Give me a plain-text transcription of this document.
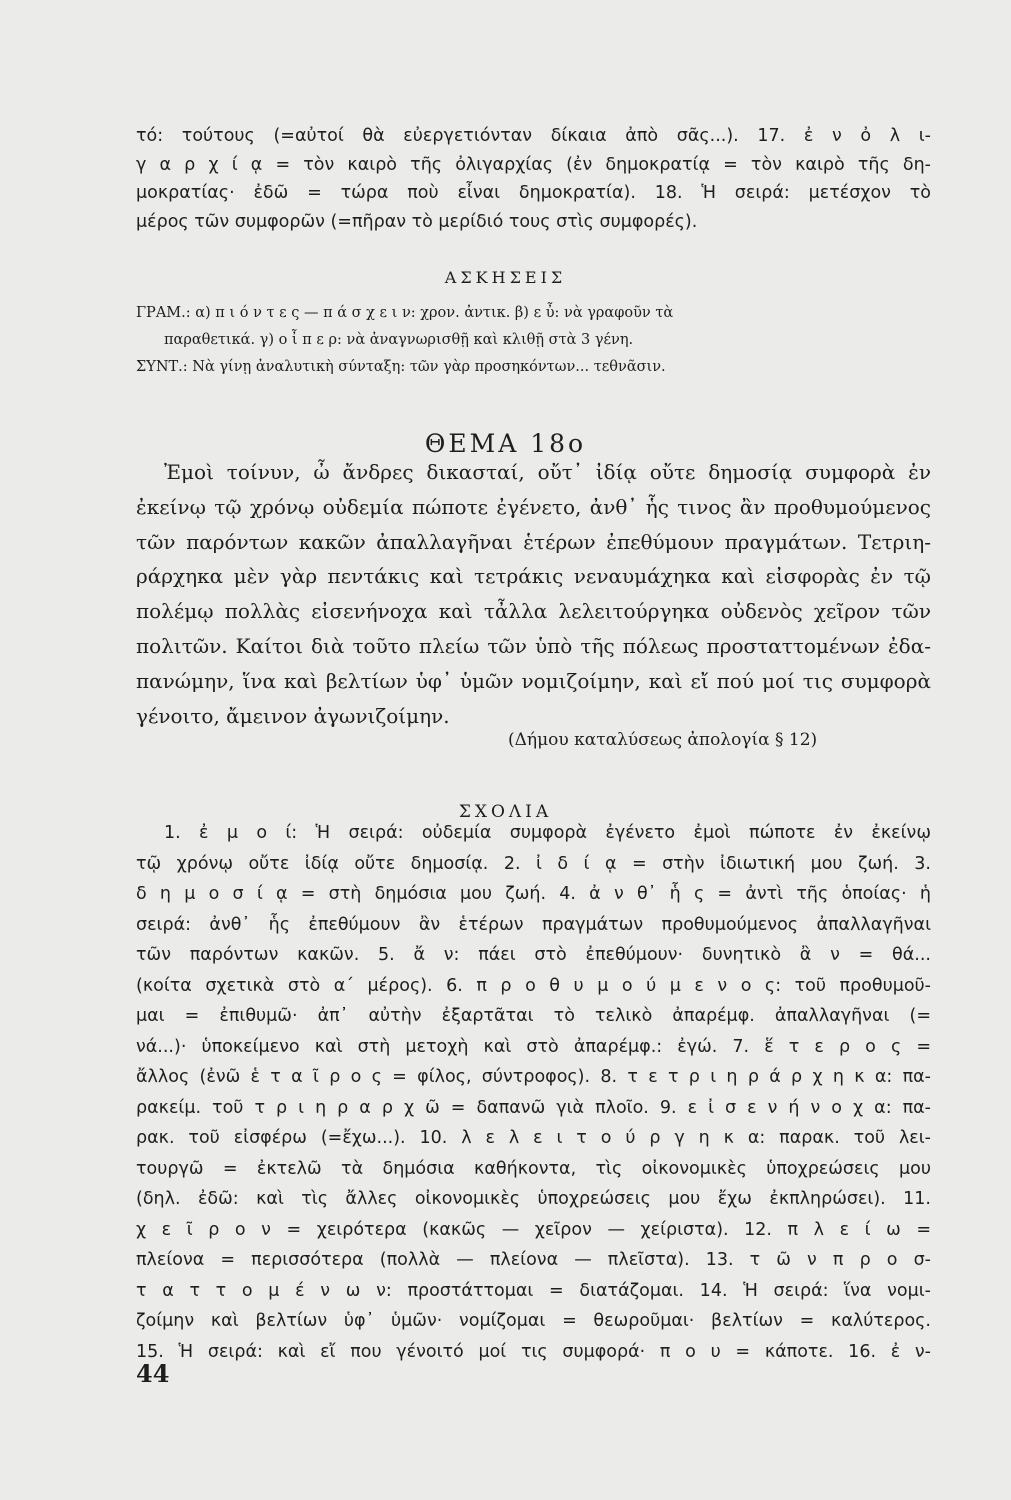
τό: τούτους (=αὐτοί θὰ εὐεργετιόνταν δίκαια ἀπὸ σᾶς...). 17. ἐ ν ὀ λ ι-
γ α ρ χ ί ᾳ = τὸν καιρὸ τῆς ὀλιγαρχίας (ἐν δημοκρατίᾳ = τὸν καιρὸ τῆς δη-
μοκρατίας· ἐδῶ = τώρα ποὺ εἶναι δημοκρατία). 18. Ἡ σειρά: μετέσχον τὸ
μέρος τῶν συμφορῶν (=πῆραν τὸ μερίδιό τους στὶς συμφορές).
ΑΣΚΗΣΕΙΣ
ΓΡΑΜ.: α) π ι ό ν τ ε ς — π ά σ χ ε ι ν: χρον. ἀντικ. β) ε ὖ: νὰ γραφοῦν τὰ
παραθετικά. γ) ο ἶ π ε ρ: νὰ ἀναγνωρισθῇ καὶ κλιθῇ στὰ 3 γένη.
ΣΥΝΤ.: Νὰ γίνῃ ἀναλυτικὴ σύνταξη: τῶν γὰρ προσηκόντων... τεθνᾶσιν.
ΘΕΜΑ 18ο
Ἐμοὶ τοίνυν, ὦ ἄνδρες δικασταί, οὔτ᾽ ἰδίᾳ οὔτε δημοσίᾳ συμφορὰ ἐν
ἐκείνῳ τῷ χρόνῳ οὐδεμία πώποτε ἐγένετο, ἀνθ᾽ ἧς τινος ἂν προθυμούμενος
τῶν παρόντων κακῶν ἀπαλλαγῆναι ἑτέρων ἐπεθύμουν πραγμάτων. Τετριη-
ράρχηκα μὲν γὰρ πεντάκις καὶ τετράκις νεναυμάχηκα καὶ εἰσφορὰς ἐν τῷ
πολέμῳ πολλὰς εἰσενήνοχα καὶ τἆλλα λελειτούργηκα οὐδενὸς χεῖρον τῶν
πολιτῶν. Καίτοι διὰ τοῦτο πλείω τῶν ὑπὸ τῆς πόλεως προσταττομένων ἐδα-
πανώμην, ἵνα καὶ βελτίων ὑφ᾽ ὑμῶν νομιζοίμην, καὶ εἴ πού μοί τις συμφορὰ
γένοιτο, ἄμεινον ἀγωνιζοίμην.
(Δήμου καταλύσεως ἀπολογία § 12)
ΣΧΟΛΙΑ
1. ἐ μ ο ί: Ἡ σειρά: οὐδεμία συμφορὰ ἐγένετο ἐμοὶ πώποτε ἐν ἐκείνῳ
τῷ χρόνῳ οὔτε ἰδίᾳ οὔτε δημοσίᾳ. 2. ἰ δ ί ᾳ = στὴν ἰδιωτική μου ζωή. 3.
δ η μ ο σ ί ᾳ = στὴ δημόσια μου ζωή. 4. ἀ ν θ᾽ ἧ ς = ἀντὶ τῆς ὁποίας· ἡ
σειρά: ἀνθ᾽ ἧς ἐπεθύμουν ἂν ἑτέρων πραγμάτων προθυμούμενος ἀπαλλαγῆναι
τῶν παρόντων κακῶν. 5. ἄ ν: πάει στὸ ἐπεθύμουν· δυνητικὸ ἂ ν = θά...
(κοίτα σχετικὰ στὸ α´ μέρος). 6. π ρ ο θ υ μ ο ύ μ ε ν ο ς: τοῦ προθυμοῦ-
μαι = ἐπιθυμῶ· ἀπ᾽ αὐτὴν ἐξαρτᾶται τὸ τελικὸ ἀπαρέμφ. ἀπαλλαγῆναι (=
νά...)· ὑποκείμενο καὶ στὴ μετοχὴ καὶ στὸ ἀπαρέμφ.: ἐγώ. 7. ἕ τ ε ρ ο ς =
ἄλλος (ἐνῶ ἑ τ α ῖ ρ ο ς = φίλος, σύντροφος). 8. τ ε τ ρ ι η ρ ά ρ χ η κ α: πα-
ρακείμ. τοῦ τ ρ ι η ρ α ρ χ ῶ = δαπανῶ γιὰ πλοῖο. 9. ε ἰ σ ε ν ή ν ο χ α: πα-
ρακ. τοῦ εἰσφέρω (=ἔχω...). 10. λ ε λ ε ι τ ο ύ ρ γ η κ α: παρακ. τοῦ λει-
τουργῶ = ἐκτελῶ τὰ δημόσια καθήκοντα, τὶς οἰκονομικὲς ὑποχρεώσεις μου
(δηλ. ἐδῶ: καὶ τὶς ἄλλες οἰκονομικὲς ὑποχρεώσεις μου ἔχω ἐκπληρώσει). 11.
χ ε ῖ ρ ο ν = χειρότερα (κακῶς — χεῖρον — χείριστα). 12. π λ ε ί ω =
πλείονα = περισσότερα (πολλὰ — πλείονα — πλεῖστα). 13. τ ῶ ν π ρ ο σ-
τ α τ τ ο μ έ ν ω ν: προστάττομαι = διατάζομαι. 14. Ἡ σειρά: ἵνα νομι-
ζοίμην καὶ βελτίων ὑφ᾽ ὑμῶν· νομίζομαι = θεωροῦμαι· βελτίων = καλύτερος.
15. Ἡ σειρά: καὶ εἴ που γένοιτό μοί τις συμφορά· π ο υ = κάποτε. 16. ἐ ν-
44
